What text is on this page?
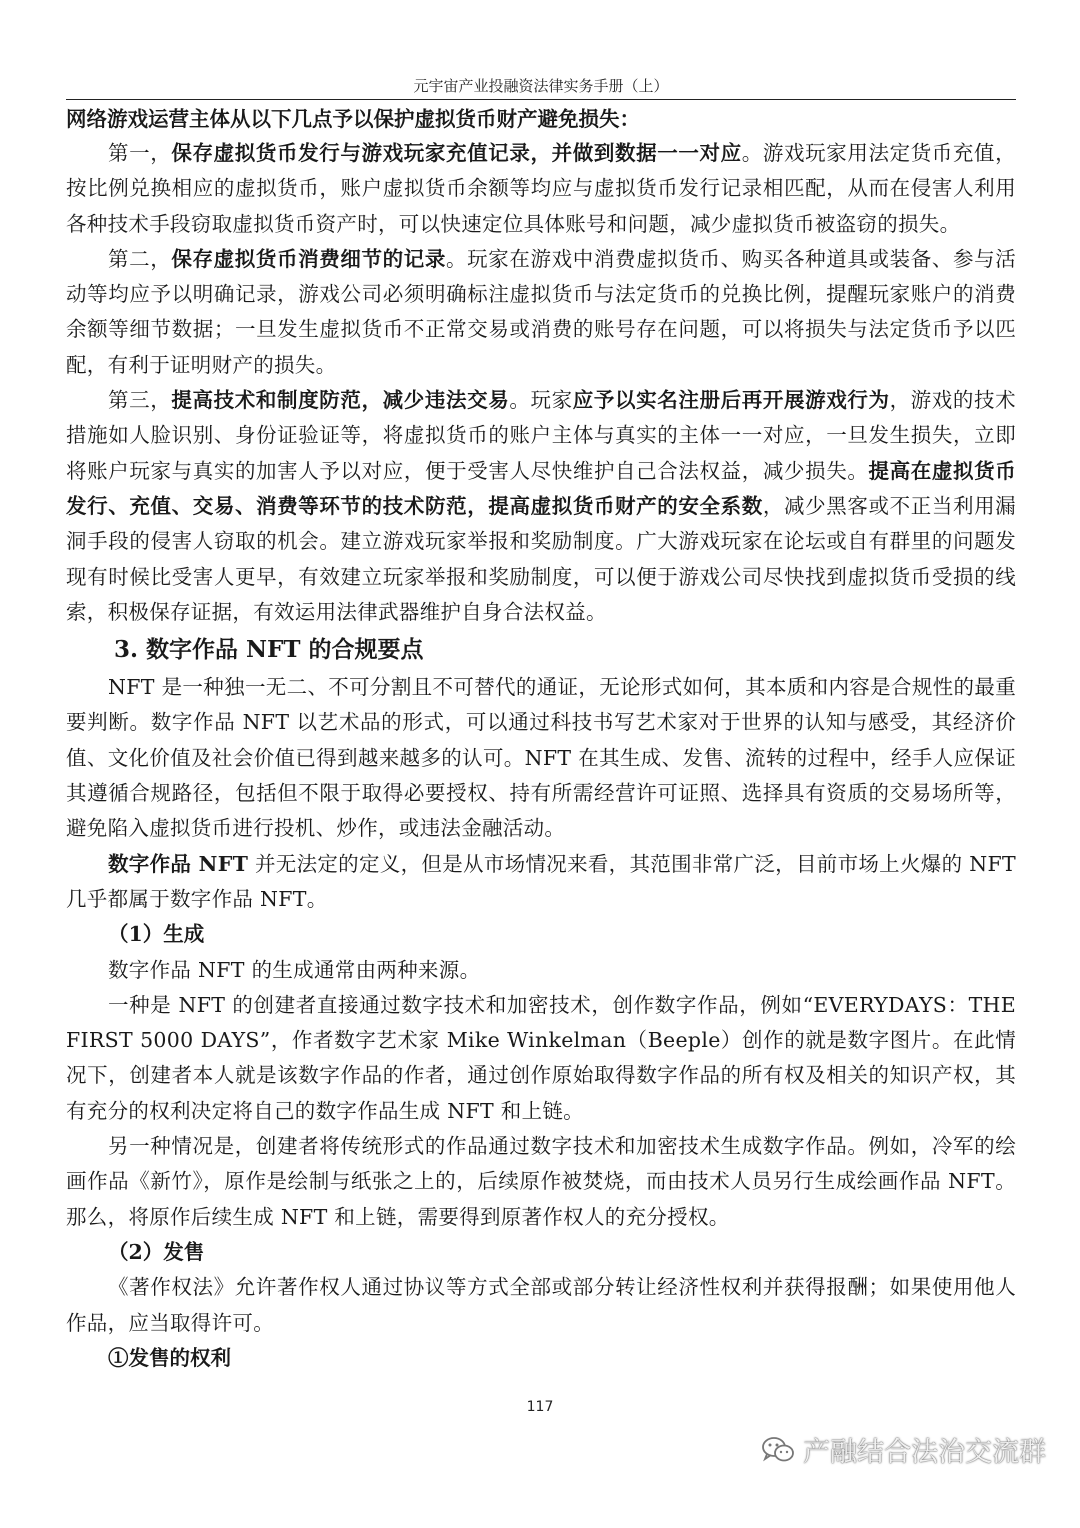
元宇宙产业投融资法律实务手册（上）

网络游戏运营主体从以下几点予以保护虚拟货币财产避免损失：

第一，保存虚拟货币发行与游戏玩家充值记录，并做到数据一一对应。游戏玩家用法定货币充值，按比例兑换相应的虚拟货币，账户虚拟货币余额等均应与虚拟货币发行记录相匹配，从而在侵害人利用各种技术手段窃取虚拟货币资产时，可以快速定位具体账号和问题，减少虚拟货币被盗窃的损失。

第二，保存虚拟货币消费细节的记录。玩家在游戏中消费虚拟货币、购买各种道具或装备、参与活动等均应予以明确记录，游戏公司必须明确标注虚拟货币与法定货币的兑换比例，提醒玩家账户的消费余额等细节数据；一旦发生虚拟货币不正常交易或消费的账号存在问题，可以将损失与法定货币予以匹配，有利于证明财产的损失。

第三，提高技术和制度防范，减少违法交易。玩家应予以实名注册后再开展游戏行为，游戏的技术措施如人脸识别、身份证验证等，将虚拟货币的账户主体与真实的主体一一对应，一旦发生损失，立即将账户玩家与真实的加害人予以对应，便于受害人尽快维护自己合法权益，减少损失。提高在虚拟货币发行、充值、交易、消费等环节的技术防范，提高虚拟货币财产的安全系数，减少黑客或不正当利用漏洞手段的侵害人窃取的机会。建立游戏玩家举报和奖励制度。广大游戏玩家在论坛或自有群里的问题发现有时候比受害人更早，有效建立玩家举报和奖励制度，可以便于游戏公司尽快找到虚拟货币受损的线索，积极保存证据，有效运用法律武器维护自身合法权益。

3. 数字作品 NFT 的合规要点

NFT 是一种独一无二、不可分割且不可替代的通证，无论形式如何，其本质和内容是合规性的最重要判断。数字作品 NFT 以艺术品的形式，可以通过科技书写艺术家对于世界的认知与感受，其经济价值、文化价值及社会价值已得到越来越多的认可。NFT 在其生成、发售、流转的过程中，经手人应保证其遵循合规路径，包括但不限于取得必要授权、持有所需经营许可证照、选择具有资质的交易场所等，避免陷入虚拟货币进行投机、炒作，或违法金融活动。

数字作品 NFT 并无法定的定义，但是从市场情况来看，其范围非常广泛，目前市场上火爆的 NFT 几乎都属于数字作品 NFT。

（1）生成

数字作品 NFT 的生成通常由两种来源。

一种是 NFT 的创建者直接通过数字技术和加密技术，创作数字作品，例如“EVERYDAYS：THE FIRST 5000 DAYS”，作者数字艺术家 Mike Winkelman（Beeple）创作的就是数字图片。在此情况下，创建者本人就是该数字作品的作者，通过创作原始取得数字作品的所有权及相关的知识产权，其有充分的权利决定将自己的数字作品生成 NFT 和上链。

另一种情况是，创建者将传统形式的作品通过数字技术和加密技术生成数字作品。例如，冷军的绘画作品《新竹》，原作是绘制与纸张之上的，后续原作被焚烧，而由技术人员另行生成绘画作品 NFT。那么，将原作后续生成 NFT 和上链，需要得到原著作权人的充分授权。

（2）发售

《著作权法》允许著作权人通过协议等方式全部或部分转让经济性权利并获得报酬；如果使用他人作品，应当取得许可。

①发售的权利

117
产融结合法治交流群
